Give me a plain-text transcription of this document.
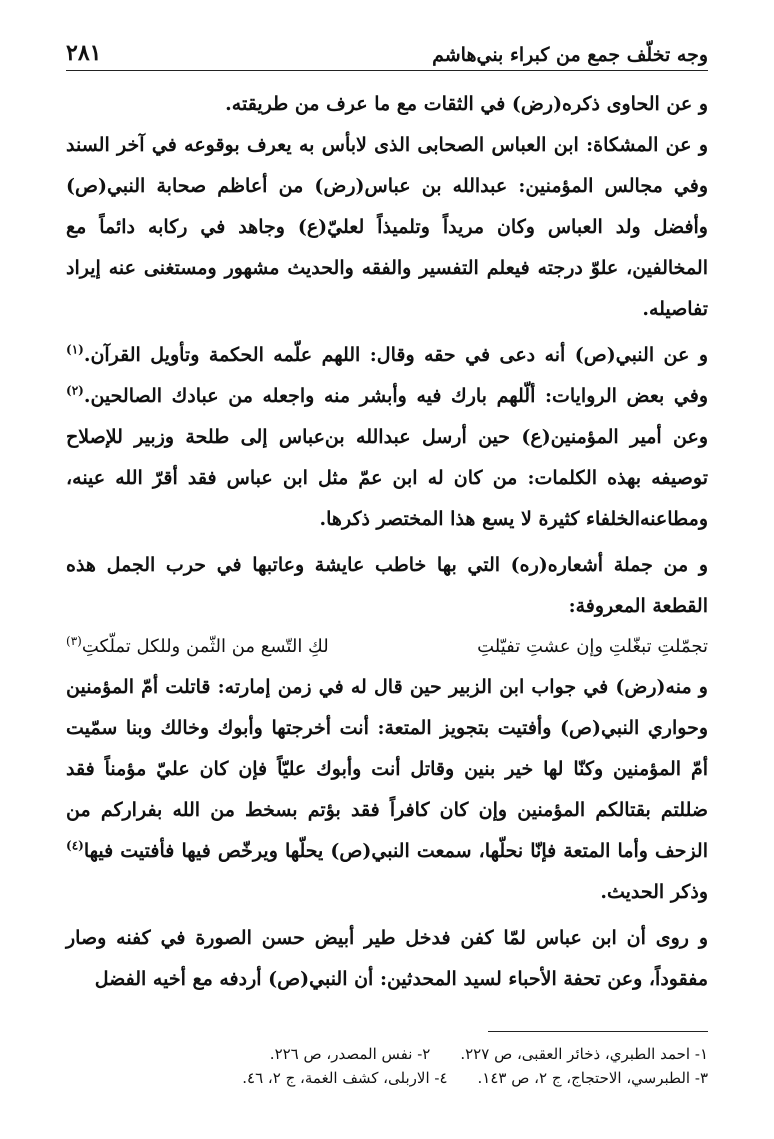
٢٨١	وجه تخلّف جمع من كبراء بني‌هاشم

و عن الحاوى ذكره(رض) في الثقات مع ما عرف من طريقته.

و عن المشكاة: ابن العباس الصحابى الذى لابأس به يعرف بوقوعه في آخر السند وفي مجالس المؤمنين: عبدالله بن عباس(رض) من أعاظم صحابة النبي(ص) وأفضل ولد العباس وكان مريداً وتلميذاً لعليّ(ع) وجاهد في ركابه دائماً مع المخالفين، علوّ درجته فيعلم التفسير والفقه والحديث مشهور ومستغنى عنه إيراد تفاصيله.

و عن النبي(ص) أنه دعى في حقه وقال: اللهم علّمه الحكمة وتأويل القرآن.$^{(١)}$ وفي بعض الروايات: ألّلهم بارك فيه وأبشر منه واجعله من عبادك الصالحين.$^{(٢)}$ وعن أمير المؤمنين(ع) حين أرسل عبدالله بن‌عباس إلى طلحة وزبير للإصلاح توصيفه بهذه الكلمات: من كان له ابن عمّ مثل ابن عباس فقد أقرّ الله عينه، ومطاعنه‌الخلفاء كثيرة لا يسع هذا المختصر ذكرها.

و من جملة أشعاره(ره) التي بها خاطب عايشة وعاتبها في حرب الجمل هذه القطعة المعروفة:

تجمّلتِ تبغّلتِ وإن عشتِ تفيّلتِ
لكِ التّسع من الثّمن وللكل تملّكتِ$^{(٣)}$

و منه(رض) في جواب ابن الزبير حين قال له في زمن إمارته: قاتلت أمّ المؤمنين وحواري النبي(ص) وأفتيت بتجويز المتعة: أنت أخرجتها وأبوك وخالك وبنا سمّيت أمّ المؤمنين وكنّا لها خير بنين وقاتل أنت وأبوك عليّاً فإن كان عليّ مؤمناً فقد ضللتم بقتالكم المؤمنين وإن كان كافراً فقد بؤتم بسخط من الله بفراركم من الزحف وأما المتعة فإنّا نحلّها، سمعت النبي(ص) يحلّها ويرخّص فيها فأفتيت فيها$^{(٤)}$ وذكر الحديث.

و روى أن ابن عباس لمّا كفن فدخل طير أبيض حسن الصورة في كفنه وصار مفقوداً، وعن تحفة الأحباء لسيد المحدثين: أن النبي(ص) أردفه مع أخيه الفضل

١- احمد الطبري، ذخائر العقبى، ص ٢٢٧.
٢- نفس المصدر، ص ٢٢٦.
٣- الطبرسي، الاحتجاج، ج ٢، ص ١٤٣.
٤- الاربلى، كشف الغمة، ج ٢، ٤٦.
